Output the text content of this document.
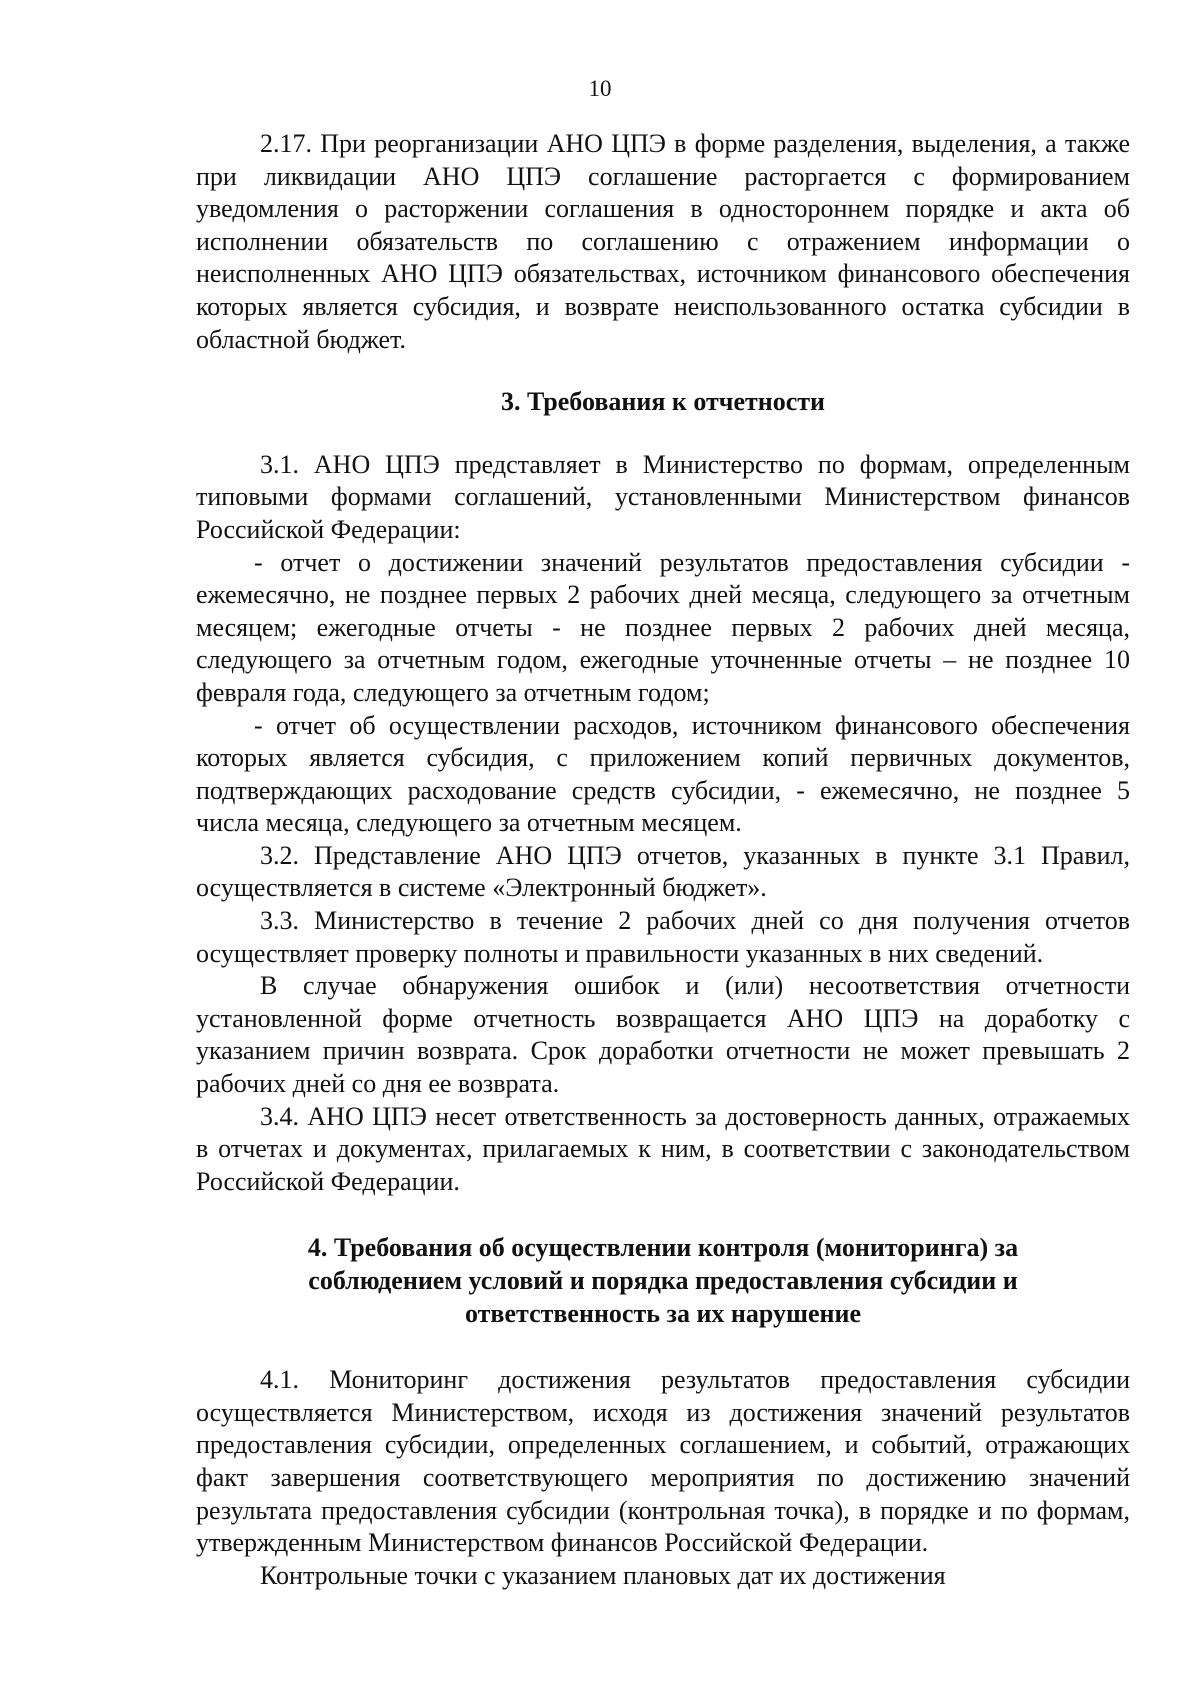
10

2.17. При реорганизации АНО ЦПЭ в форме разделения, выделения, а также при ликвидации АНО ЦПЭ соглашение расторгается с формированием уведомления о расторжении соглашения в одностороннем порядке и акта об исполнении обязательств по соглашению с отражением информации о неисполненных АНО ЦПЭ обязательствах, источником финансового обеспечения которых является субсидия, и возврате неиспользованного остатка субсидии в областной бюджет.

3. Требования к отчетности

3.1. АНО ЦПЭ представляет в Министерство по формам, определенным типовыми формами соглашений, установленными Министерством финансов Российской Федерации:

- отчет о достижении значений результатов предоставления субсидии - ежемесячно, не позднее первых 2 рабочих дней месяца, следующего за отчетным месяцем; ежегодные отчеты - не позднее первых 2 рабочих дней месяца, следующего за отчетным годом, ежегодные уточненные отчеты – не позднее 10 февраля года, следующего за отчетным годом;

- отчет об осуществлении расходов, источником финансового обеспечения которых является субсидия, с приложением копий первичных документов, подтверждающих расходование средств субсидии, - ежемесячно, не позднее 5 числа месяца, следующего за отчетным месяцем.

3.2. Представление АНО ЦПЭ отчетов, указанных в пункте 3.1 Правил, осуществляется в системе «Электронный бюджет».

3.3. Министерство в течение 2 рабочих дней со дня получения отчетов осуществляет проверку полноты и правильности указанных в них сведений.

В случае обнаружения ошибок и (или) несоответствия отчетности установленной форме отчетность возвращается АНО ЦПЭ на доработку с указанием причин возврата. Срок доработки отчетности не может превышать 2 рабочих дней со дня ее возврата.

3.4. АНО ЦПЭ несет ответственность за достоверность данных, отражаемых в отчетах и документах, прилагаемых к ним, в соответствии с законодательством Российской Федерации.

4. Требования об осуществлении контроля (мониторинга) за соблюдением условий и порядка предоставления субсидии и ответственность за их нарушение

4.1. Мониторинг достижения результатов предоставления субсидии осуществляется Министерством, исходя из достижения значений результатов предоставления субсидии, определенных соглашением, и событий, отражающих факт завершения соответствующего мероприятия по достижению значений результата предоставления субсидии (контрольная точка), в порядке и по формам, утвержденным Министерством финансов Российской Федерации.

Контрольные точки с указанием плановых дат их достижения
